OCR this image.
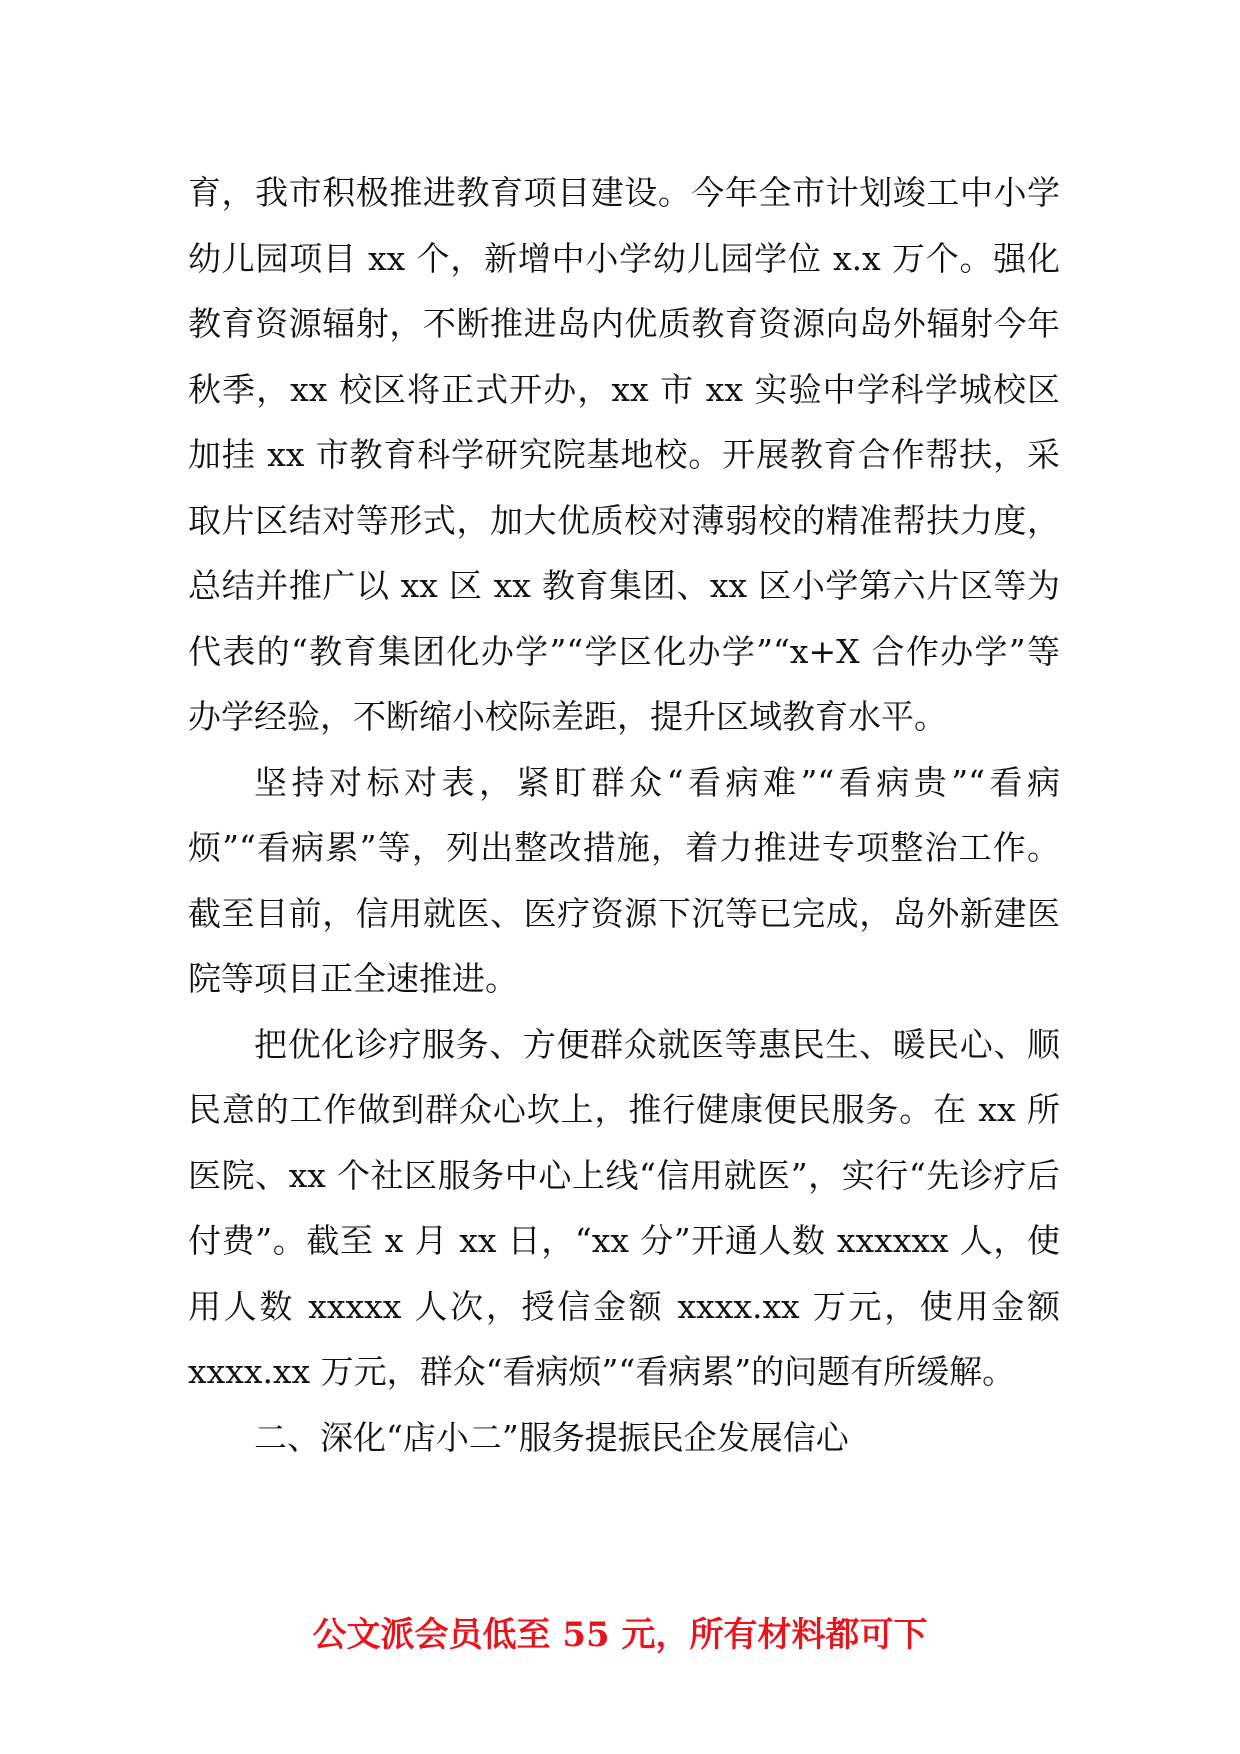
育，我市积极推进教育项目建设。今年全市计划竣工中小学幼儿园项目 xx 个，新增中小学幼儿园学位 x.x 万个。强化教育资源辐射，不断推进岛内优质教育资源向岛外辐射今年秋季，xx 校区将正式开办，xx 市 xx 实验中学科学城校区加挂 xx 市教育科学研究院基地校。开展教育合作帮扶，采取片区结对等形式，加大优质校对薄弱校的精准帮扶力度，总结并推广以 xx 区 xx 教育集团、xx 区小学第六片区等为代表的“教育集团化办学”“学区化办学”“x+X 合作办学”等办学经验，不断缩小校际差距，提升区域教育水平。

坚持对标对表，紧盯群众“看病难”“看病贵”“看病烦”“看病累”等，列出整改措施，着力推进专项整治工作。截至目前，信用就医、医疗资源下沉等已完成，岛外新建医院等项目正全速推进。

把优化诊疗服务、方便群众就医等惠民生、暖民心、顺民意的工作做到群众心坎上，推行健康便民服务。在 xx 所医院、xx 个社区服务中心上线“信用就医”，实行“先诊疗后付费”。截至 x 月 xx 日，“xx 分”开通人数 xxxxxx 人，使用人数 xxxxx 人次，授信金额 xxxx.xx 万元，使用金额 xxxx.xx 万元，群众“看病烦”“看病累”的问题有所缓解。

二、深化“店小二”服务提振民企发展信心

公文派会员低至 55 元，所有材料都可下
